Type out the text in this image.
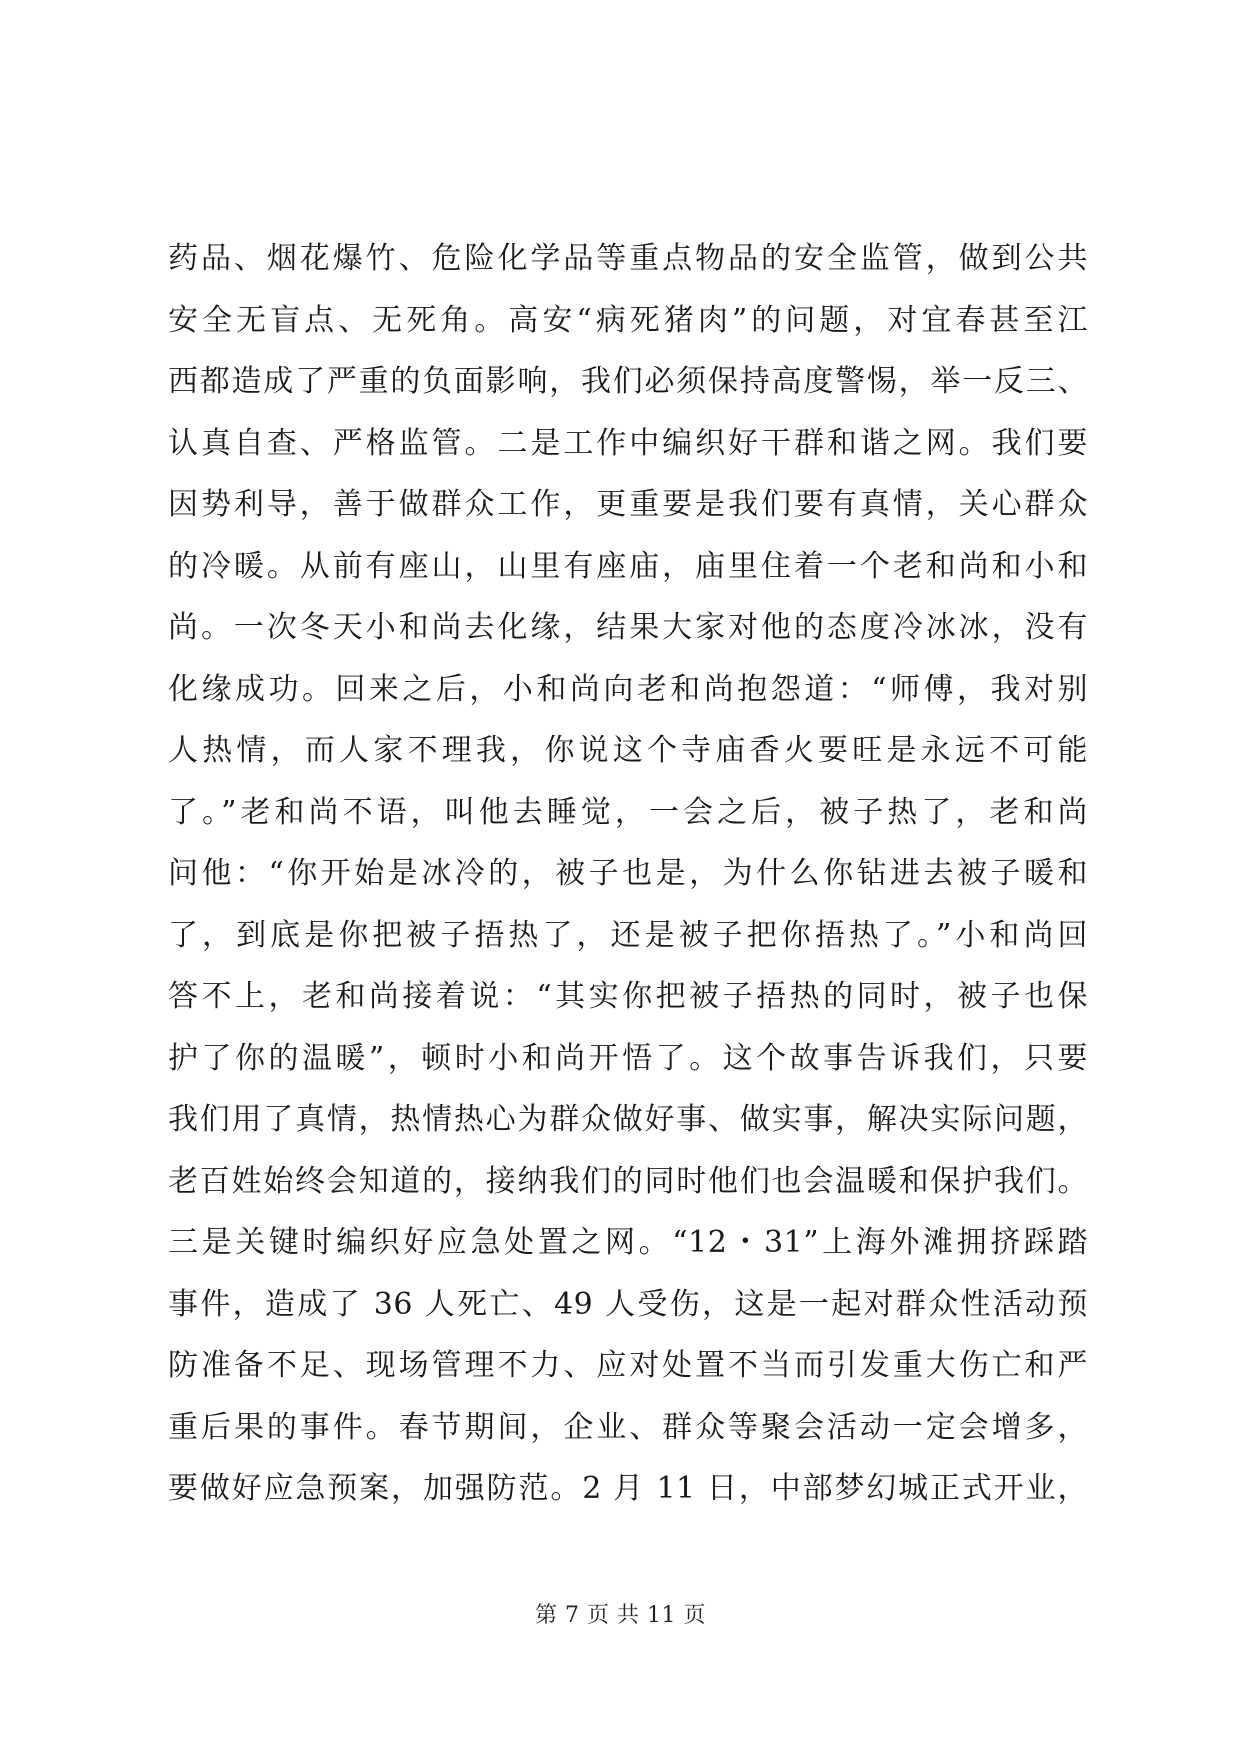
药品、烟花爆竹、危险化学品等重点物品的安全监管，做到公共
安全无盲点、无死角。高安“病死猪肉”的问题，对宜春甚至江
西都造成了严重的负面影响，我们必须保持高度警惕，举一反三、
认真自查、严格监管。二是工作中编织好干群和谐之网。我们要
因势利导，善于做群众工作，更重要是我们要有真情，关心群众
的冷暖。从前有座山，山里有座庙，庙里住着一个老和尚和小和
尚。一次冬天小和尚去化缘，结果大家对他的态度冷冰冰，没有
化缘成功。回来之后，小和尚向老和尚抱怨道：“师傅，我对别
人热情，而人家不理我，你说这个寺庙香火要旺是永远不可能
了。”老和尚不语，叫他去睡觉，一会之后，被子热了，老和尚
问他：“你开始是冰冷的，被子也是，为什么你钻进去被子暖和
了，到底是你把被子捂热了，还是被子把你捂热了。”小和尚回
答不上，老和尚接着说：“其实你把被子捂热的同时，被子也保
护了你的温暖”，顿时小和尚开悟了。这个故事告诉我们，只要
我们用了真情，热情热心为群众做好事、做实事，解决实际问题，
老百姓始终会知道的，接纳我们的同时他们也会温暖和保护我们。
三是关键时编织好应急处置之网。“12・31”上海外滩拥挤踩踏
事件，造成了 36 人死亡、49 人受伤，这是一起对群众性活动预
防准备不足、现场管理不力、应对处置不当而引发重大伤亡和严
重后果的事件。春节期间，企业、群众等聚会活动一定会增多，
要做好应急预案，加强防范。2 月 11 日，中部梦幻城正式开业，
第 7 页 共 11 页
